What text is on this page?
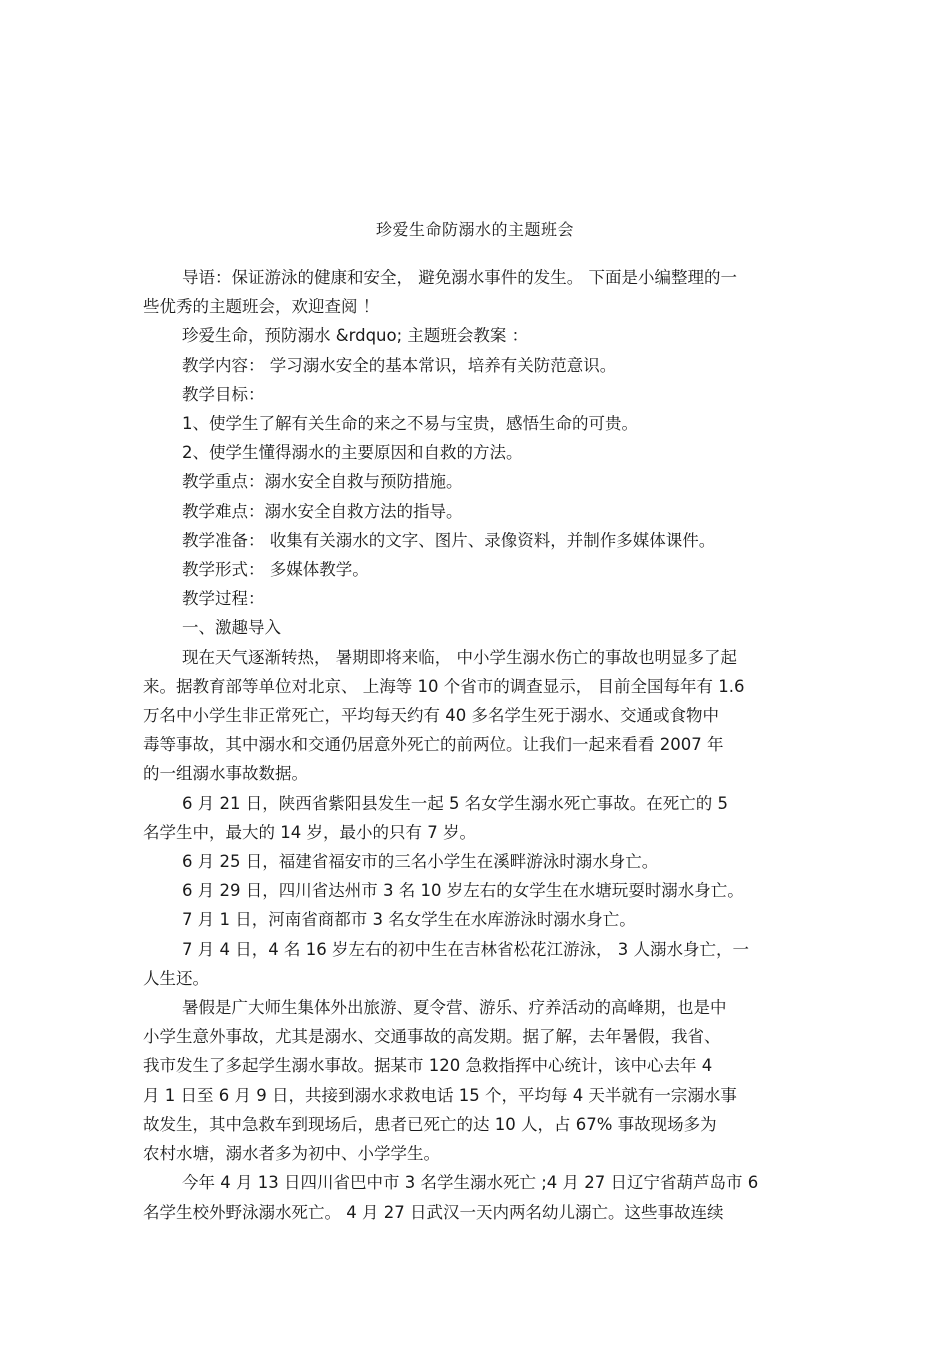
珍爱生命防溺水的主题班会

导语：保证游泳的健康和安全， 避免溺水事件的发生。 下面是小编整理的一

些优秀的主题班会，欢迎查阅 ！

珍爱生命，预防溺水 &rdquo; 主题班会教案 ：

教学内容： 学习溺水安全的基本常识，培养有关防范意识。

教学目标：

1、使学生了解有关生命的来之不易与宝贵，感悟生命的可贵。

2、使学生懂得溺水的主要原因和自救的方法。

教学重点：溺水安全自救与预防措施。

教学难点：溺水安全自救方法的指导。

教学准备： 收集有关溺水的文字、图片、录像资料，并制作多媒体课件。

教学形式： 多媒体教学。

教学过程：

一、激趣导入

现在天气逐渐转热， 暑期即将来临， 中小学生溺水伤亡的事故也明显多了起

来。据教育部等单位对北京、 上海等 10 个省市的调查显示， 目前全国每年有 1.6

万名中小学生非正常死亡，平均每天约有 40 多名学生死于溺水、交通或食物中

毒等事故，其中溺水和交通仍居意外死亡的前两位。让我们一起来看看 2007 年

的一组溺水事故数据。

6 月 21 日，陕西省紫阳县发生一起 5 名女学生溺水死亡事故。在死亡的 5

名学生中，最大的 14 岁，最小的只有 7 岁。

6 月 25 日，福建省福安市的三名小学生在溪畔游泳时溺水身亡。

6 月 29 日，四川省达州市 3 名 10 岁左右的女学生在水塘玩耍时溺水身亡。

7 月 1 日，河南省商都市 3 名女学生在水库游泳时溺水身亡。

7 月 4 日，4 名 16 岁左右的初中生在吉林省松花江游泳， 3 人溺水身亡，一

人生还。

暑假是广大师生集体外出旅游、夏令营、游乐、疗养活动的高峰期，也是中

小学生意外事故，尤其是溺水、交通事故的高发期。据了解，去年暑假，我省、

我市发生了多起学生溺水事故。据某市 120 急救指挥中心统计，该中心去年 4

月 1 日至 6 月 9 日，共接到溺水求救电话 15 个，平均每 4 天半就有一宗溺水事

故发生，其中急救车到现场后，患者已死亡的达 10 人，占 67% 事故现场多为

农村水塘，溺水者多为初中、小学学生。

今年 4 月 13 日四川省巴中市 3 名学生溺水死亡 ;4 月 27 日辽宁省葫芦岛市 6

名学生校外野泳溺水死亡。 4 月 27 日武汉一天内两名幼儿溺亡。这些事故连续
